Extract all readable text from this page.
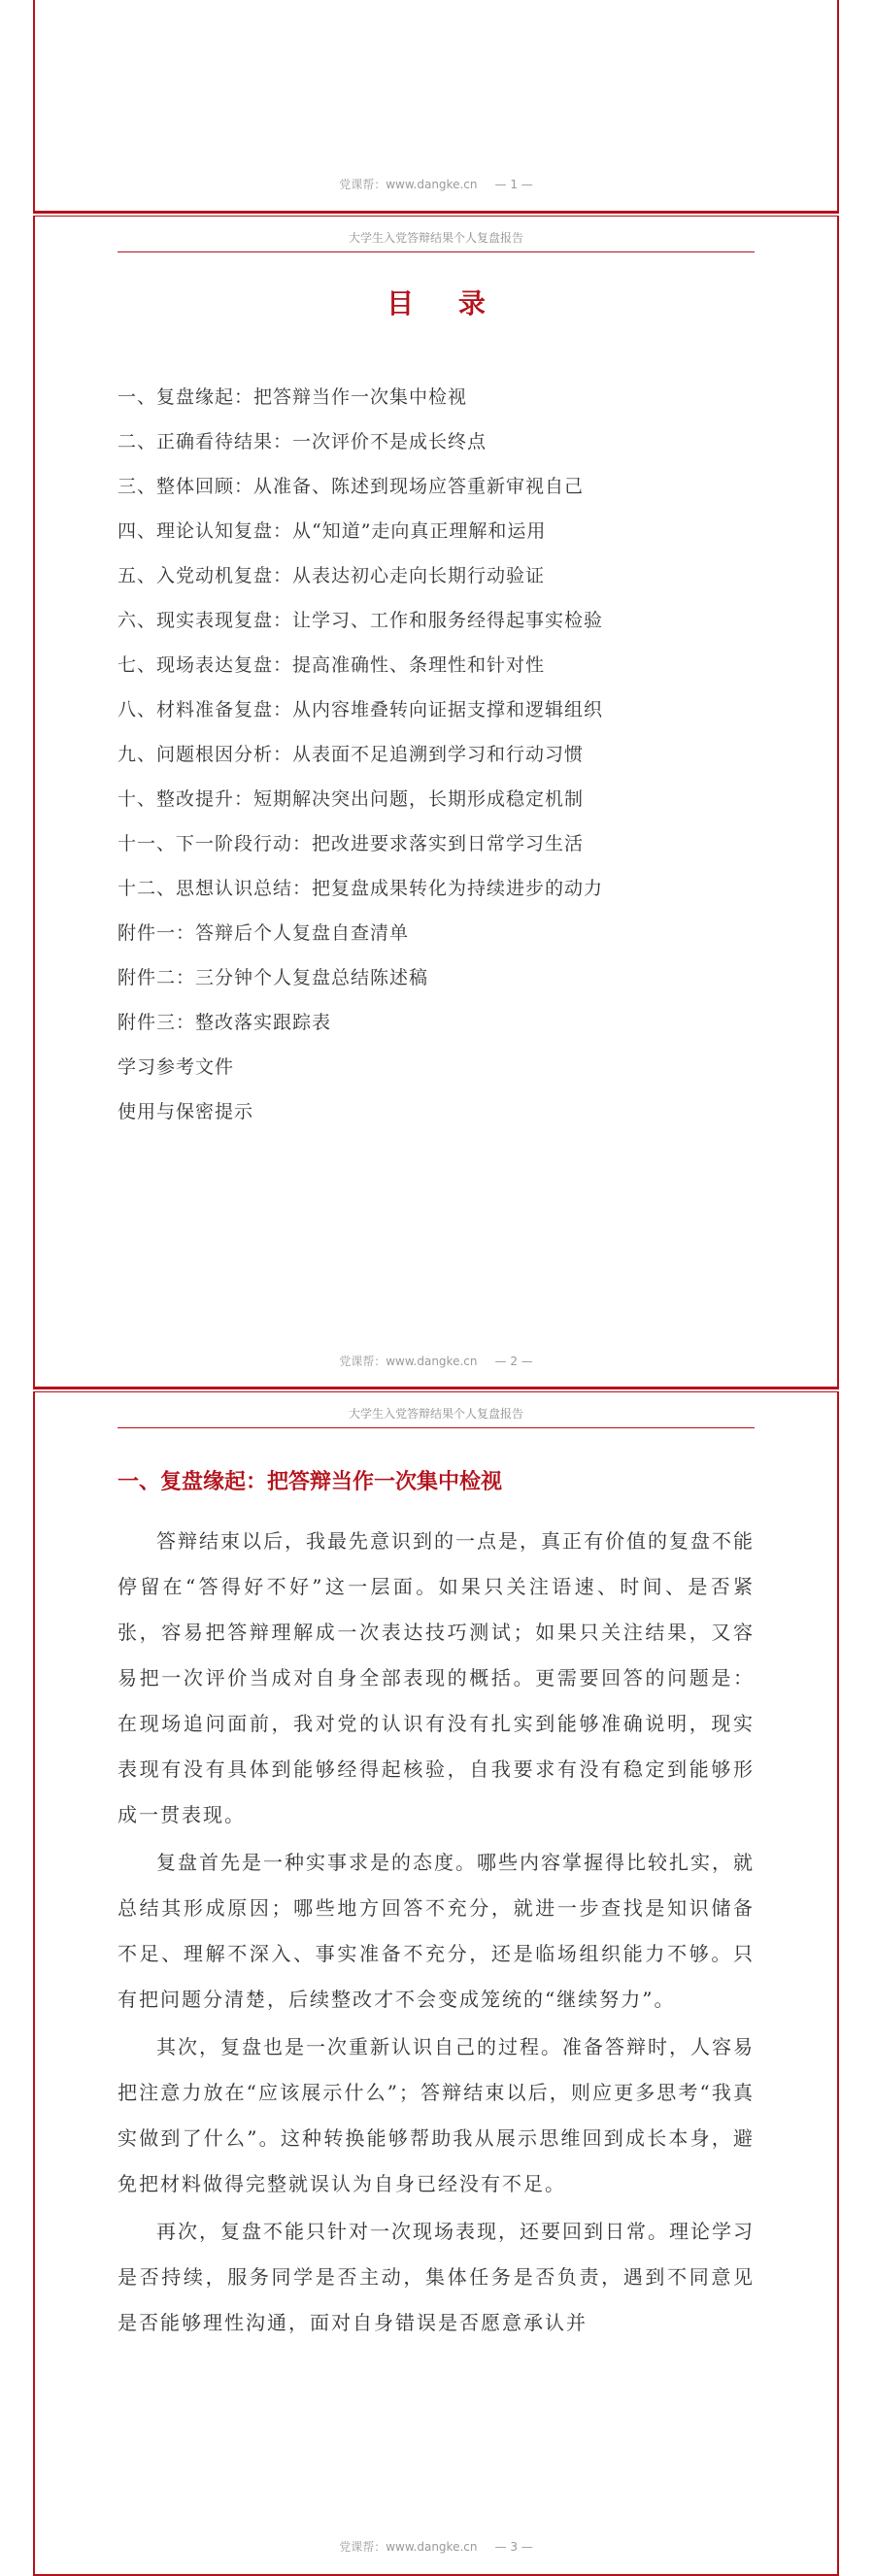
党课帮：www.dangke.cn — 1 —
大学生入党答辩结果个人复盘报告
目 录
一、复盘缘起：把答辩当作一次集中检视
二、正确看待结果：一次评价不是成长终点
三、整体回顾：从准备、陈述到现场应答重新审视自己
四、理论认知复盘：从“知道”走向真正理解和运用
五、入党动机复盘：从表达初心走向长期行动验证
六、现实表现复盘：让学习、工作和服务经得起事实检验
七、现场表达复盘：提高准确性、条理性和针对性
八、材料准备复盘：从内容堆叠转向证据支撑和逻辑组织
九、问题根因分析：从表面不足追溯到学习和行动习惯
十、整改提升：短期解决突出问题，长期形成稳定机制
十一、下一阶段行动：把改进要求落实到日常学习生活
十二、思想认识总结：把复盘成果转化为持续进步的动力
附件一：答辩后个人复盘自查清单
附件二：三分钟个人复盘总结陈述稿
附件三：整改落实跟踪表
学习参考文件
使用与保密提示
党课帮：www.dangke.cn — 2 —
大学生入党答辩结果个人复盘报告
一、复盘缘起：把答辩当作一次集中检视

答辩结束以后，我最先意识到的一点是，真正有价值的复盘不能停留在“答得好不好”这一层面。如果只关注语速、时间、是否紧张，容易把答辩理解成一次表达技巧测试；如果只关注结果，又容易把一次评价当成对自身全部表现的概括。更需要回答的问题是：在现场追问面前，我对党的认识有没有扎实到能够准确说明，现实表现有没有具体到能够经得起核验，自我要求有没有稳定到能够形成一贯表现。

复盘首先是一种实事求是的态度。哪些内容掌握得比较扎实，就总结其形成原因；哪些地方回答不充分，就进一步查找是知识储备不足、理解不深入、事实准备不充分，还是临场组织能力不够。只有把问题分清楚，后续整改才不会变成笼统的“继续努力”。

其次，复盘也是一次重新认识自己的过程。准备答辩时，人容易把注意力放在“应该展示什么”；答辩结束以后，则应更多思考“我真实做到了什么”。这种转换能够帮助我从展示思维回到成长本身，避免把材料做得完整就误认为自身已经没有不足。

再次，复盘不能只针对一次现场表现，还要回到日常。理论学习是否持续，服务同学是否主动，集体任务是否负责，遇到不同意见是否能够理性沟通，面对自身错误是否愿意承认并

党课帮：www.dangke.cn — 3 —
